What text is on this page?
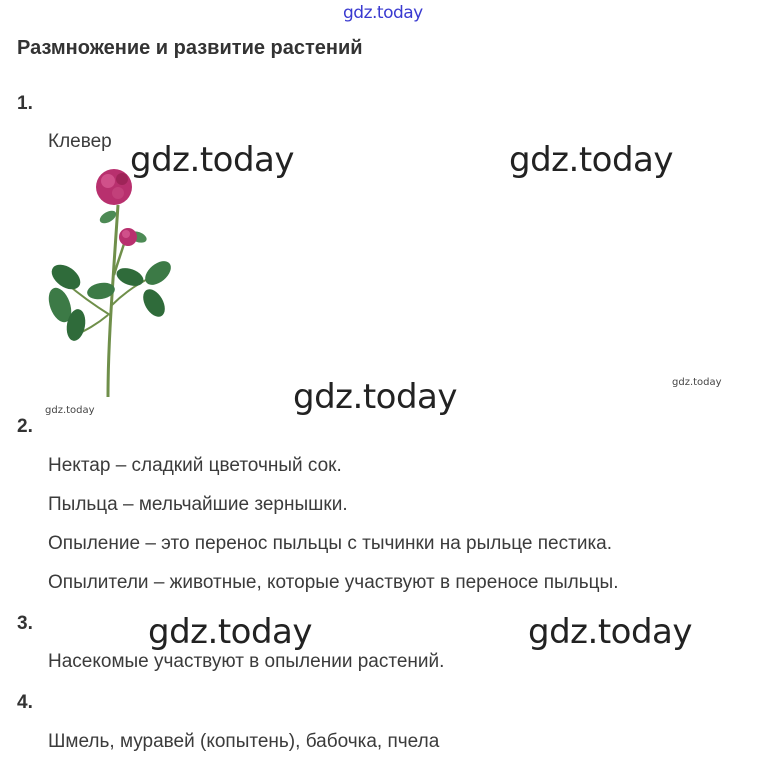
gdz.today
Размножение и развитие растений
1.
Клевер gdz.today	gdz.today
gdz.today	gdz.today
gdz.today
2.
Нектар – сладкий цветочный сок.
Пыльца – мельчайшие зернышки.
Опыление – это перенос пыльцы с тычинки на рыльце пестика.
Опылители – животные, которые участвуют в переносе пыльцы.
3.	gdz.today	gdz.today
Насекомые участвуют в опылении растений.
4.
Шмель, муравей (копытень), бабочка, пчела
